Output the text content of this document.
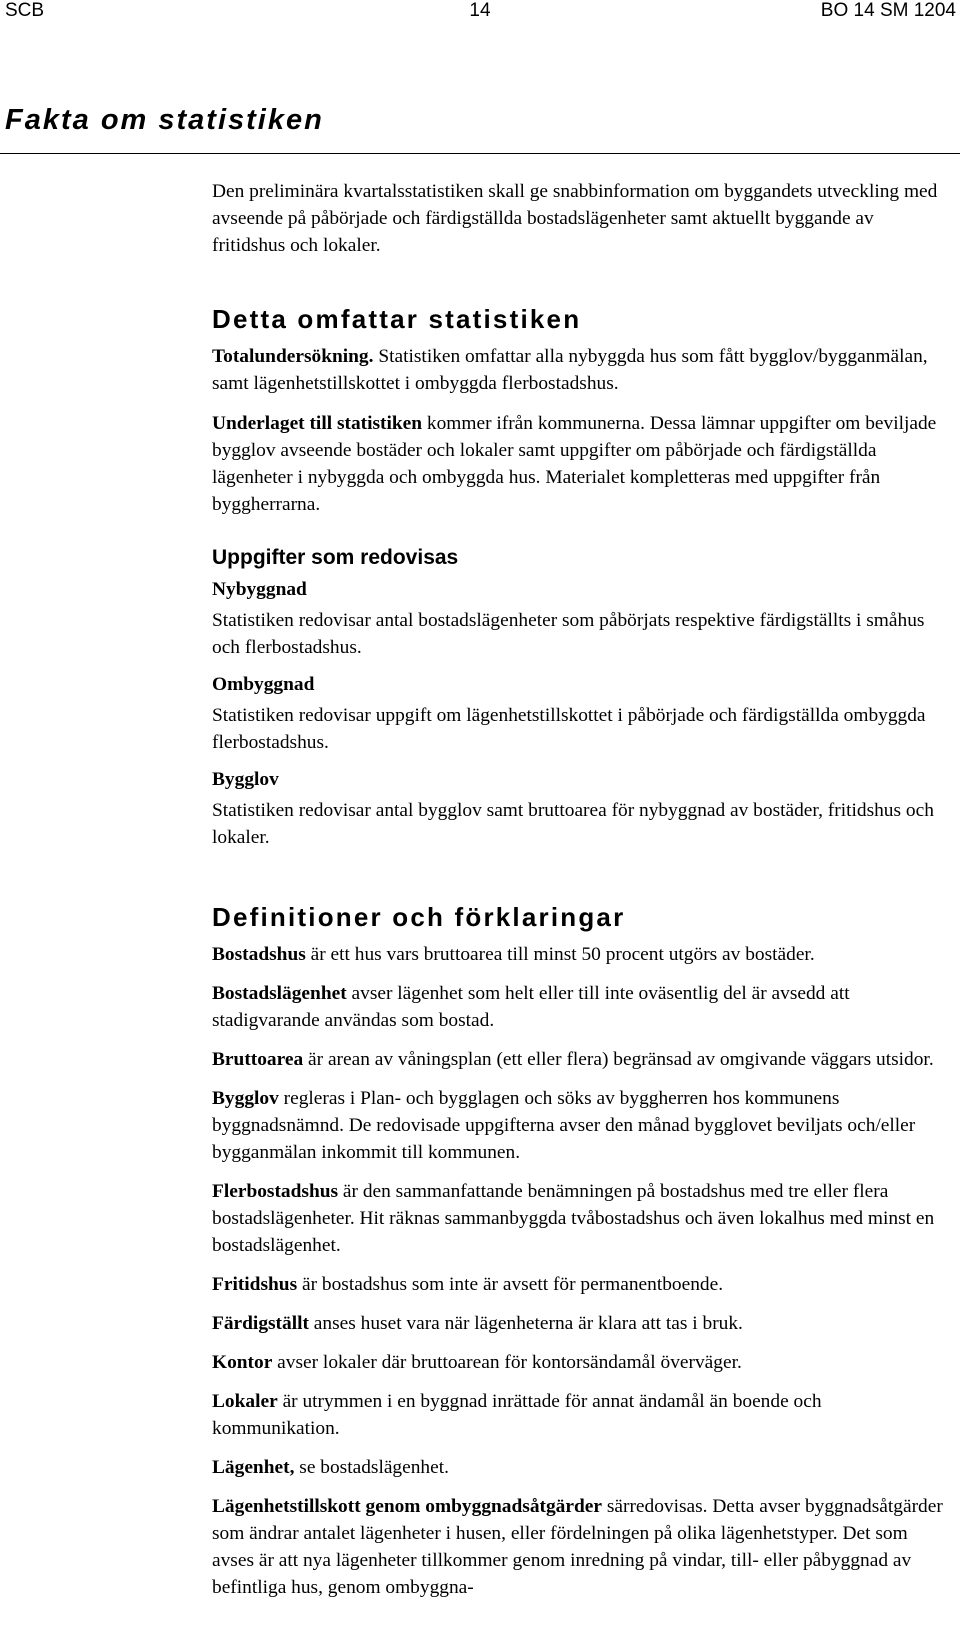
SCB	14	BO 14 SM 1204
Fakta om statistiken

Den preliminära kvartalsstatistiken skall ge snabbinformation om byggandets utveckling med avseende på påbörjade och färdigställda bostadslägenheter samt aktuellt byggande av fritidshus och lokaler.

Detta omfattar statistiken

Totalundersökning. Statistiken omfattar alla nybyggda hus som fått bygglov/bygganmälan, samt lägenhetstillskottet i ombyggda flerbostadshus.

Underlaget till statistiken kommer ifrån kommunerna. Dessa lämnar uppgifter om beviljade bygglov avseende bostäder och lokaler samt uppgifter om påbörjade och färdigställda lägenheter i nybyggda och ombyggda hus. Materialet kompletteras med uppgifter från byggherrarna.

Uppgifter som redovisas

Nybyggnad

Statistiken redovisar antal bostadslägenheter som påbörjats respektive färdigställts i småhus och flerbostadshus.

Ombyggnad

Statistiken redovisar uppgift om lägenhetstillskottet i påbörjade och färdigställda ombyggda flerbostadshus.

Bygglov

Statistiken redovisar antal bygglov samt bruttoarea för nybyggnad av bostäder, fritidshus och lokaler.

Definitioner och förklaringar

Bostadshus är ett hus vars bruttoarea till minst 50 procent utgörs av bostäder.

Bostadslägenhet avser lägenhet som helt eller till inte oväsentlig del är avsedd att stadigvarande användas som bostad.

Bruttoarea är arean av våningsplan (ett eller flera) begränsad av omgivande väggars utsidor.

Bygglov regleras i Plan- och bygglagen och söks av byggherren hos kommunens byggnadsnämnd. De redovisade uppgifterna avser den månad bygglovet beviljats och/eller bygganmälan inkommit till kommunen.

Flerbostadshus är den sammanfattande benämningen på bostadshus med tre eller flera bostadslägenheter. Hit räknas sammanbyggda tvåbostadshus och även lokalhus med minst en bostadslägenhet.

Fritidshus är bostadshus som inte är avsett för permanentboende.

Färdigställt anses huset vara när lägenheterna är klara att tas i bruk.

Kontor avser lokaler där bruttoarean för kontorsändamål överväger.

Lokaler är utrymmen i en byggnad inrättade för annat ändamål än boende och kommunikation.

Lägenhet, se bostadslägenhet.

Lägenhetstillskott genom ombyggnadsåtgärder särredovisas. Detta avser byggnadsåtgärder som ändrar antalet lägenheter i husen, eller fördelningen på olika lägenhetstyper. Det som avses är att nya lägenheter tillkommer genom inredning på vindar, till- eller påbyggnad av befintliga hus, genom ombyggna-
